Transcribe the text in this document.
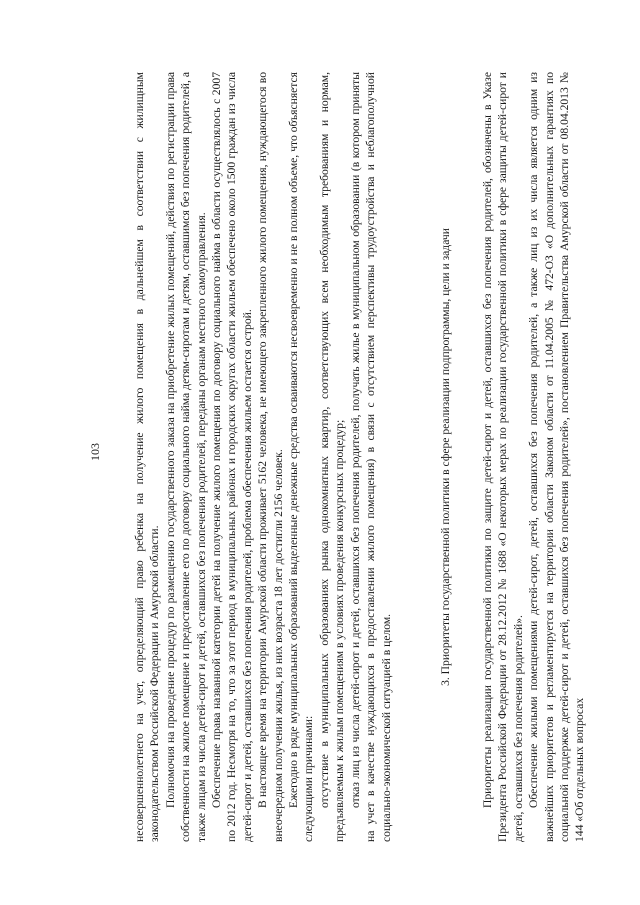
103	несовершеннолетнего на учет, определяющий право ребенка на получение жилого помещения в дальнейшем в соответствии с жилищным законодательством Российской Федерации и Амурской области. Полномочия на проведение процедур по размещению государственного заказа на приобретение жилых помещений, действия по регистрации права собственности на жилое помещение и предоставление его по договору социального найма детям-сиротам и детям, оставшимся без попечения родителей, а также лицам из числа детей-сирот и детей, оставшихся без попечения родителей, переданы органам местного самоуправления. Обеспечение права названной категории детей на получение жилого помещения по договору социального найма в области осуществлялось с 2007 по 2012 год. Несмотря на то, что за этот период в муниципальных районах и городских округах области жильем обеспечено около 1500 граждан из числа детей-сирот и детей, оставшихся без попечения родителей, проблема обеспечения жильем остается острой. В настоящее время на территории Амурской области проживает 5162 человека, не имеющего закрепленного жилого помещения, нуждающегося во внеочередном получении жилья, из них возраста 18 лет достигли 2156 человек. Ежегодно в ряде муниципальных образований выделенные денежные средства осваиваются несвоевременно и не в полном объеме, что объясняется следующими причинами: отсутствие в муниципальных образованиях рынка однокомнатных квартир, соответствующих всем необходимым требованиям и нормам, предъявляемым к жилым помещениям в условиях проведения конкурсных процедур; отказ лиц из числа детей-сирот и детей, оставшихся без попечения родителей, получать жилье в муниципальном образовании (в котором приняты на учет в качестве нуждающихся в предоставлении жилого помещения) в связи с отсутствием перспективы трудоустройства и неблагополучной социально-экономической ситуацией в целом.

3. Приоритеты государственной политики в сфере реализации подпрограммы, цели и задачи	Приоритеты реализации государственной политики по защите детей-сирот и детей, оставшихся без попечения родителей, обозначены в Указе Президента Российской Федерации от 28.12.2012 № 1688 «О некоторых мерах по реализации государственной политики в сфере защиты детей-сирот и детей, оставшихся без попечения родителей». Обеспечение жилыми помещениями детей-сирот, детей, оставшихся без попечения родителей, а также лиц из их числа является одним из важнейших приоритетов и регламентируется на территории области Законом области от 11.04.2005 № 472-ОЗ «О дополнительных гарантиях по социальной поддержке детей-сирот и детей, оставшихся без попечения родителей», постановлением Правительства Амурской области от 08.04.2013 № 144 «Об отдельных вопросах
